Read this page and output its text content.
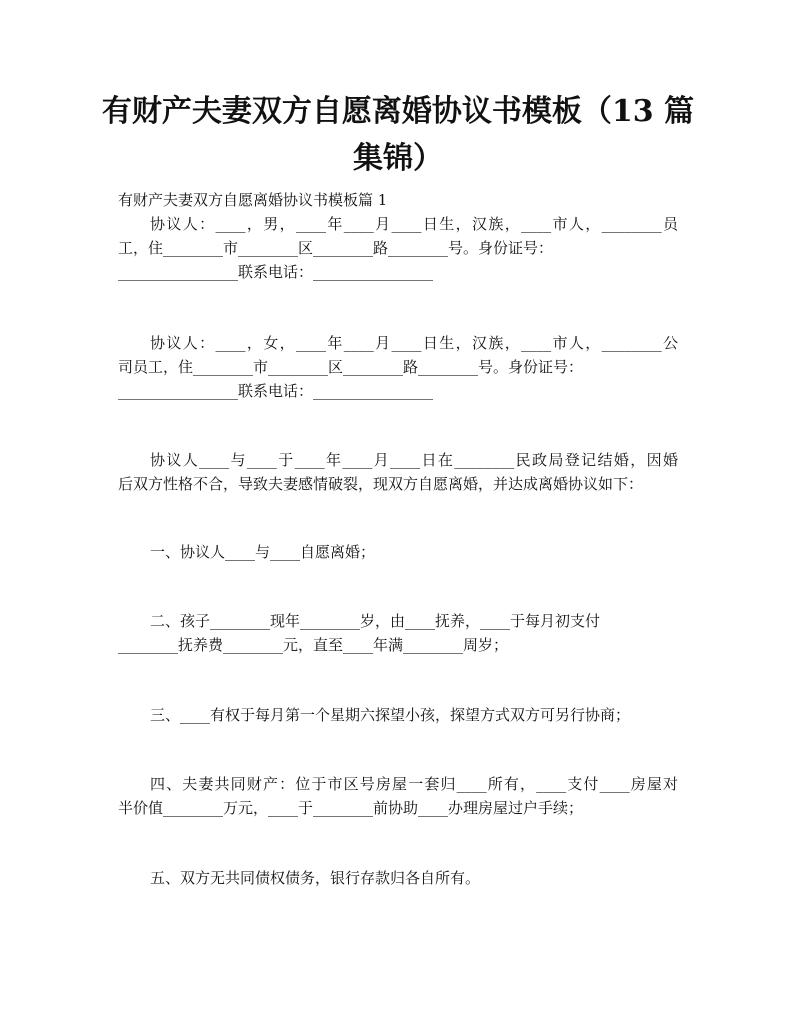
有财产夫妻双方自愿离婚协议书模板（13 篇
集锦）

有财产夫妻双方自愿离婚协议书模板篇 1

协议人：____，男，____年____月____日生，汉族，____市人，________员
工，住________市________区________路________号。身份证号：
________________联系电话：________________

协议人：____，女，____年____月____日生，汉族，____市人，________公
司员工，住________市________区________路________号。身份证号：
________________联系电话：________________

协议人____与____于____年____月____日在________民政局登记结婚，因婚
后双方性格不合，导致夫妻感情破裂，现双方自愿离婚，并达成离婚协议如下：

一、协议人____与____自愿离婚；

二、孩子________现年________岁，由____抚养，____于每月初支付
________抚养费________元，直至____年满________周岁；

三、____有权于每月第一个星期六探望小孩，探望方式双方可另行协商；

四、夫妻共同财产：位于市区号房屋一套归____所有，____支付____房屋对
半价值________万元，____于________前协助____办理房屋过户手续；

五、双方无共同债权债务，银行存款归各自所有。
